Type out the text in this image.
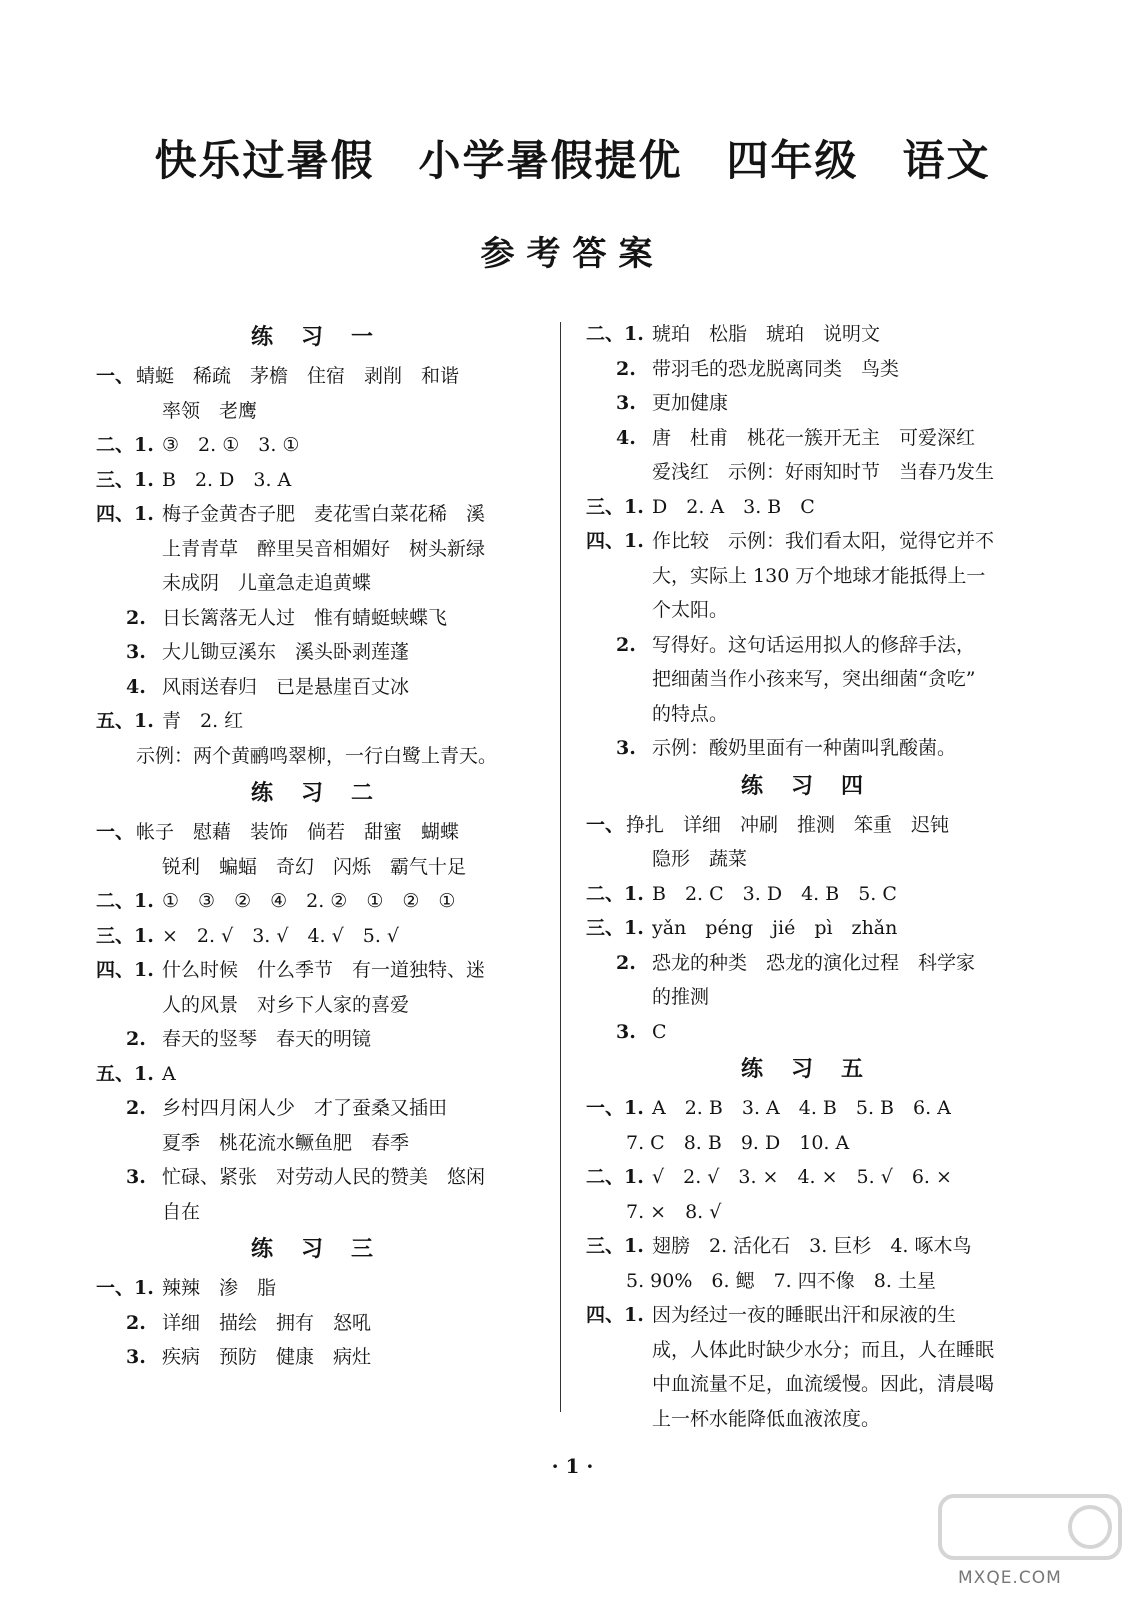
快乐过暑假　小学暑假提优　四年级　语文
参考答案
练习一
一、 蜻蜓　稀疏　茅檐　住宿　剥削　和谐
率领　老鹰
二、1. ③　2. ①　3. ①
三、1. B　2. D　3. A
四、1. 梅子金黄杏子肥　麦花雪白菜花稀　溪
上青青草　醉里吴音相媚好　树头新绿
未成阴　儿童急走追黄蝶
2. 日长篱落无人过　惟有蜻蜓蛱蝶飞
3. 大儿锄豆溪东　溪头卧剥莲蓬
4. 风雨送春归　已是悬崖百丈冰
五、1. 青　2. 红
示例：两个黄鹂鸣翠柳，一行白鹭上青天。
练习二
一、 帐子　慰藉　装饰　倘若　甜蜜　蝴蝶
锐利　蝙蝠　奇幻　闪烁　霸气十足
二、1. ①　③　②　④　2. ②　①　②　①
三、1. ×　2. √　3. √　4. √　5. √
四、1. 什么时候　什么季节　有一道独特、迷
人的风景　对乡下人家的喜爱
2. 春天的竖琴　春天的明镜
五、1. A
2. 乡村四月闲人少　才了蚕桑又插田
夏季　桃花流水鳜鱼肥　春季
3. 忙碌、紧张　对劳动人民的赞美　悠闲
自在
练习三
一、1. 辣辣　渗　脂
2. 详细　描绘　拥有　怒吼
3. 疾病　预防　健康　病灶
二、1. 琥珀　松脂　琥珀　说明文
2. 带羽毛的恐龙脱离同类　鸟类
3. 更加健康
4. 唐　杜甫　桃花一簇开无主　可爱深红
爱浅红　示例：好雨知时节　当春乃发生
三、1. D　2. A　3. B　C
四、1. 作比较　示例：我们看太阳，觉得它并不
大，实际上 130 万个地球才能抵得上一
个太阳。
2. 写得好。这句话运用拟人的修辞手法，
把细菌当作小孩来写，突出细菌“贪吃”
的特点。
3. 示例：酸奶里面有一种菌叫乳酸菌。
练习四
一、 挣扎　详细　冲刷　推测　笨重　迟钝
隐形　蔬菜
二、1. B　2. C　3. D　4. B　5. C
三、1. yǎn　péng　jié　pì　zhǎn
2. 恐龙的种类　恐龙的演化过程　科学家
的推测
3. C
练习五
一、1. A　2. B　3. A　4. B　5. B　6. A
7. C　8. B　9. D　10. A
二、1. √　2. √　3. ×　4. ×　5. √　6. ×
7. ×　8. √
三、1. 翅膀　2. 活化石　3. 巨杉　4. 啄木鸟
5. 90%　6. 鳃　7. 四不像　8. 土星
四、1. 因为经过一夜的睡眠出汗和尿液的生
成，人体此时缺少水分；而且，人在睡眠
中血流量不足，血流缓慢。因此，清晨喝
上一杯水能降低血液浓度。
· 1 ·
MXQE.COM
